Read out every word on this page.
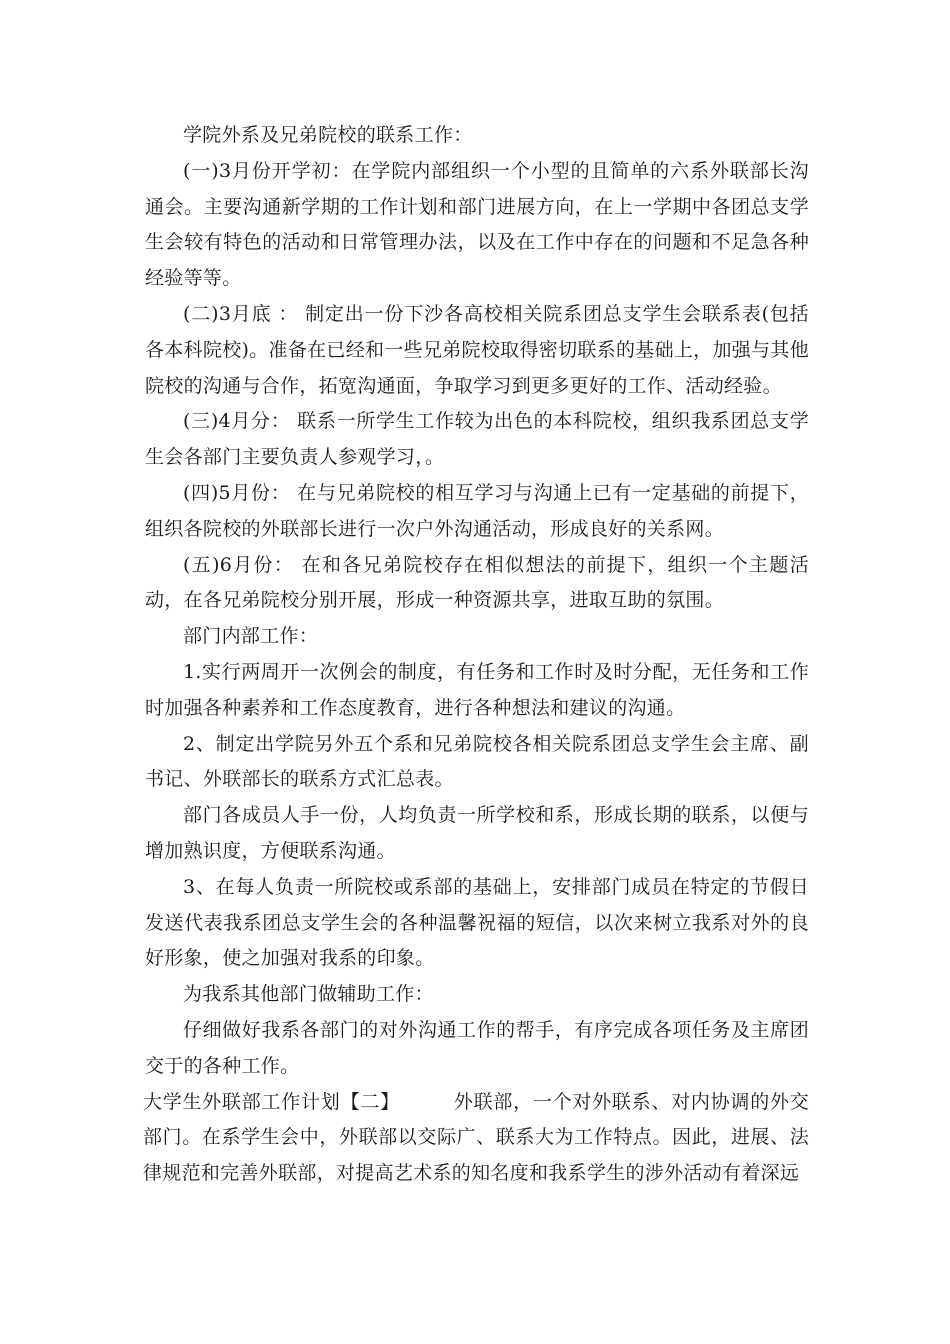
学院外系及兄弟院校的联系工作：

(一)3月份开学初：在学院内部组织一个小型的且简单的六系外联部长沟通会。主要沟通新学期的工作计划和部门进展方向，在上一学期中各团总支学生会较有特色的活动和日常管理办法，以及在工作中存在的问题和不足急各种经验等等。

(二)3月底 ： 制定出一份下沙各高校相关院系团总支学生会联系表(包括各本科院校)。准备在已经和一些兄弟院校取得密切联系的基础上，加强与其他院校的沟通与合作，拓宽沟通面，争取学习到更多更好的工作、活动经验。

(三)4月分： 联系一所学生工作较为出色的本科院校，组织我系团总支学生会各部门主要负责人参观学习，。

(四)5月份： 在与兄弟院校的相互学习与沟通上已有一定基础的前提下，组织各院校的外联部长进行一次户外沟通活动，形成良好的关系网。

(五)6月份： 在和各兄弟院校存在相似想法的前提下，组织一个主题活动，在各兄弟院校分别开展，形成一种资源共享，进取互助的氛围。

部门内部工作：

1.实行两周开一次例会的制度，有任务和工作时及时分配，无任务和工作时加强各种素养和工作态度教育，进行各种想法和建议的沟通。

2、制定出学院另外五个系和兄弟院校各相关院系团总支学生会主席、副书记、外联部长的联系方式汇总表。

部门各成员人手一份，人均负责一所学校和系，形成长期的联系，以便与增加熟识度，方便联系沟通。

3、在每人负责一所院校或系部的基础上，安排部门成员在特定的节假日发送代表我系团总支学生会的各种温馨祝福的短信，以次来树立我系对外的良好形象，使之加强对我系的印象。

为我系其他部门做辅助工作：

仔细做好我系各部门的对外沟通工作的帮手，有序完成各项任务及主席团交于的各种工作。

大学生外联部工作计划【二】	外联部，一个对外联系、对内协调的外交部门。在系学生会中，外联部以交际广、联系大为工作特点。因此，进展、法律规范和完善外联部，对提高艺术系的知名度和我系学生的涉外活动有着深远
